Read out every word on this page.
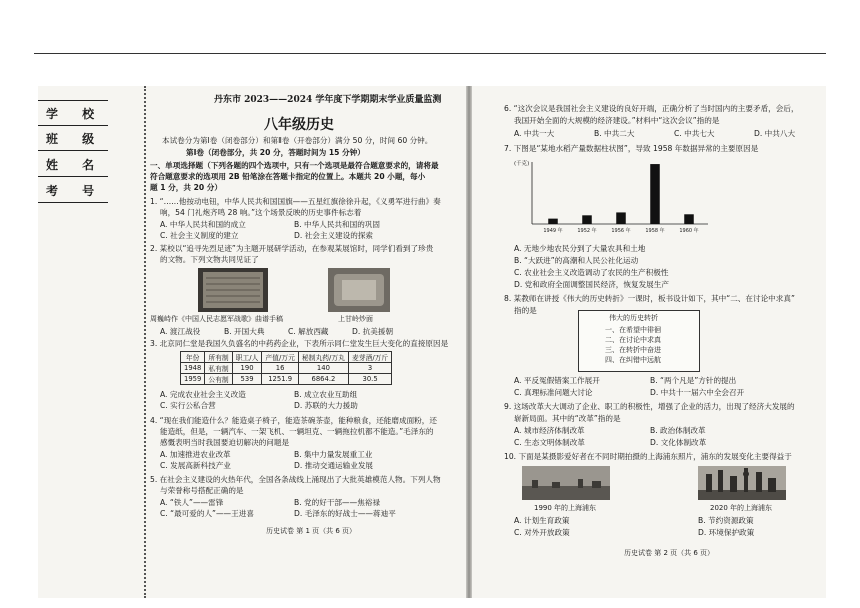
学 校
班 级
姓 名
考 号
丹东市 2023——2024 学年度下学期期末学业质量监测
八年级历史
本试卷分为第Ⅰ卷（闭卷部分）和第Ⅱ卷（开卷部分）满分 50 分，时间 60 分钟。
第Ⅰ卷（闭卷部分，共 20 分，答题时间为 15 分钟）
一、单项选择题（下列各题的四个选项中，只有一个选项是最符合题意要求的，请将最
符合题意要求的选项用 2B 铅笔涂在答题卡指定的位置上。本题共 20 小题，每小
题 1 分，共 20 分）
1. “……他按动电钮，中华人民共和国国旗——五星红旗徐徐升起，《义勇军进行曲》奏
响，54 门礼炮齐鸣 28 响。”这个场景反映的历史事件标志着
A. 中华人民共和国的成立	B. 中华人民共和国的巩固
C. 社会主义制度的建立	D. 社会主义建设的探索
2. 某校以“追寻先烈足迹”为主题开展研学活动，在参观某展馆时，同学们看到了珍贵
的文物。下列文物共同见证了
周巍峙作《中国人民志愿军战歌》曲谱手稿	上甘岭炒面
A. 渡江战役	B. 开国大典	C. 解放西藏	D. 抗美援朝
3. 北京同仁堂是我国久负盛名的中药药企业，下表所示同仁堂发生巨大变化的直接原因是
年份	所有制	职工/人	产值/万元	秘制丸药/万丸	麦芽酒/万斤
1948	私有制	190	16	140	3
1959	公有制	539	1251.9	6864.2	30.5
A. 完成农业社会主义改造	B. 成立农业互助组
C. 实行公私合营	D. 苏联的大力援助
4. “现在我们能造什么？能造桌子椅子，能造茶碗茶壶，能种粮食，还能磨成面粉，还
能造纸，但是，一辆汽车、一架飞机、一辆坦克、一辆拖拉机都不能造。”毛泽东的
感慨表明当时我国要迫切解决的问题是
A. 加速推进农业改革	B. 集中力量发展重工业
C. 发展高新科技产业	D. 推动交通运输业发展
5. 在社会主义建设的火热年代，全国各条战线上涌现出了大批英雄模范人物。下列人物
与荣誉称号搭配正确的是
A. “铁人”——雷锋	B. 党的好干部——焦裕禄
C. “最可爱的人”——王进喜	D. 毛泽东的好战士——蒋迪平
历史试卷 第 1 页（共 6 页）
6. “这次会议是我国社会主义建设的良好开端，正确分析了当时国内的主要矛盾，会后，
我国开始全面的大规模的经济建设。”材料中“这次会议”指的是
A. 中共一大	B. 中共二大	C. 中共七大	D. 中共八大
7. 下图是“某地水稻产量数据柱状图”，导致 1958 年数据异常的主要原因是
(千克)
1949 年	1952 年	1956 年	1958 年	1960 年
A. 无地少地农民分到了大量农具和土地
B. “大跃进”的高潮和人民公社化运动
C. 农业社会主义改造调动了农民的生产积极性
D. 党和政府全面调整国民经济，恢复发展生产
8. 某教师在讲授《伟大的历史转折》一课时，板书设计如下，其中“二、在讨论中求真”
指的是
伟大的历史转折
一、在希望中徘徊
二、在讨论中求真
三、在转折中奋进
四、在纠错中远航
A. 平反冤假错案工作展开	B. “两个凡是”方针的提出
C. 真理标准问题大讨论	D. 中共十一届六中全会召开
9. 这场改革大大调动了企业、职工的积极性，增强了企业的活力，出现了经济大发展的
崭新局面。其中的“改革”指的是
A. 城市经济体制改革	B. 政治体制改革
C. 生态文明体制改革	D. 文化体制改革
10. 下面是某摄影爱好者在不同时期拍摄的上海浦东照片，浦东的发展变化主要得益于
1990 年的上海浦东	2020 年的上海浦东
A. 计划生育政策	B. 节约资源政策
C. 对外开放政策	D. 环境保护政策
历史试卷 第 2 页（共 6 页）
